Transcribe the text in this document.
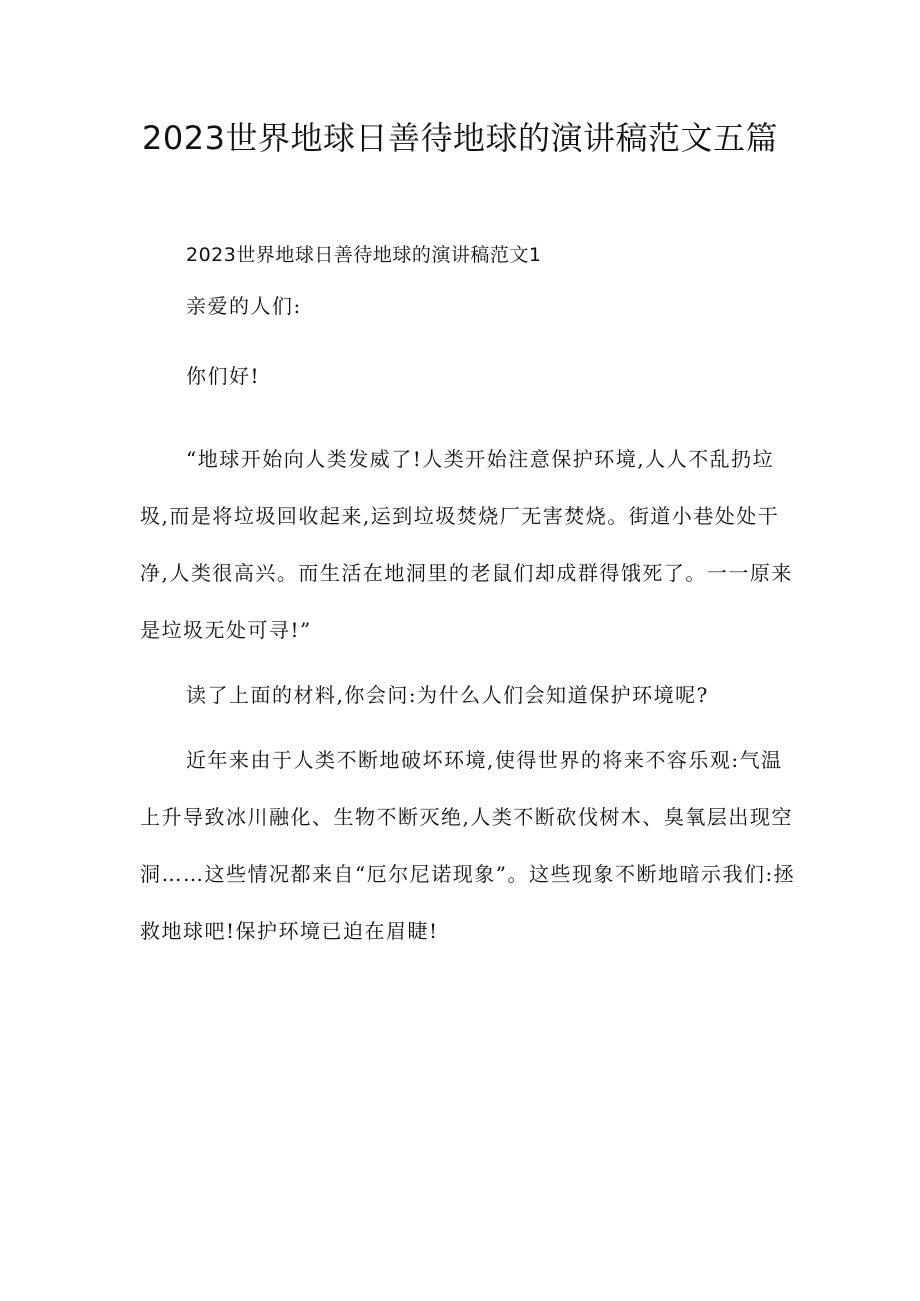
2023世界地球日善待地球的演讲稿范文五篇

2023世界地球日善待地球的演讲稿范文1

亲爱的人们:

你们好!

“地球开始向人类发威了!人类开始注意保护环境,人人不乱扔垃圾,而是将垃圾回收起来,运到垃圾焚烧厂无害焚烧。街道小巷处处干净,人类很高兴。而生活在地洞里的老鼠们却成群得饿死了。一一原来是垃圾无处可寻!”

读了上面的材料,你会问:为什么人们会知道保护环境呢?

近年来由于人类不断地破坏环境,使得世界的将来不容乐观:气温上升导致冰川融化、生物不断灭绝,人类不断砍伐树木、臭氧层出现空洞……这些情况都来自“厄尔尼诺现象”。这些现象不断地暗示我们:拯救地球吧!保护环境已迫在眉睫!
